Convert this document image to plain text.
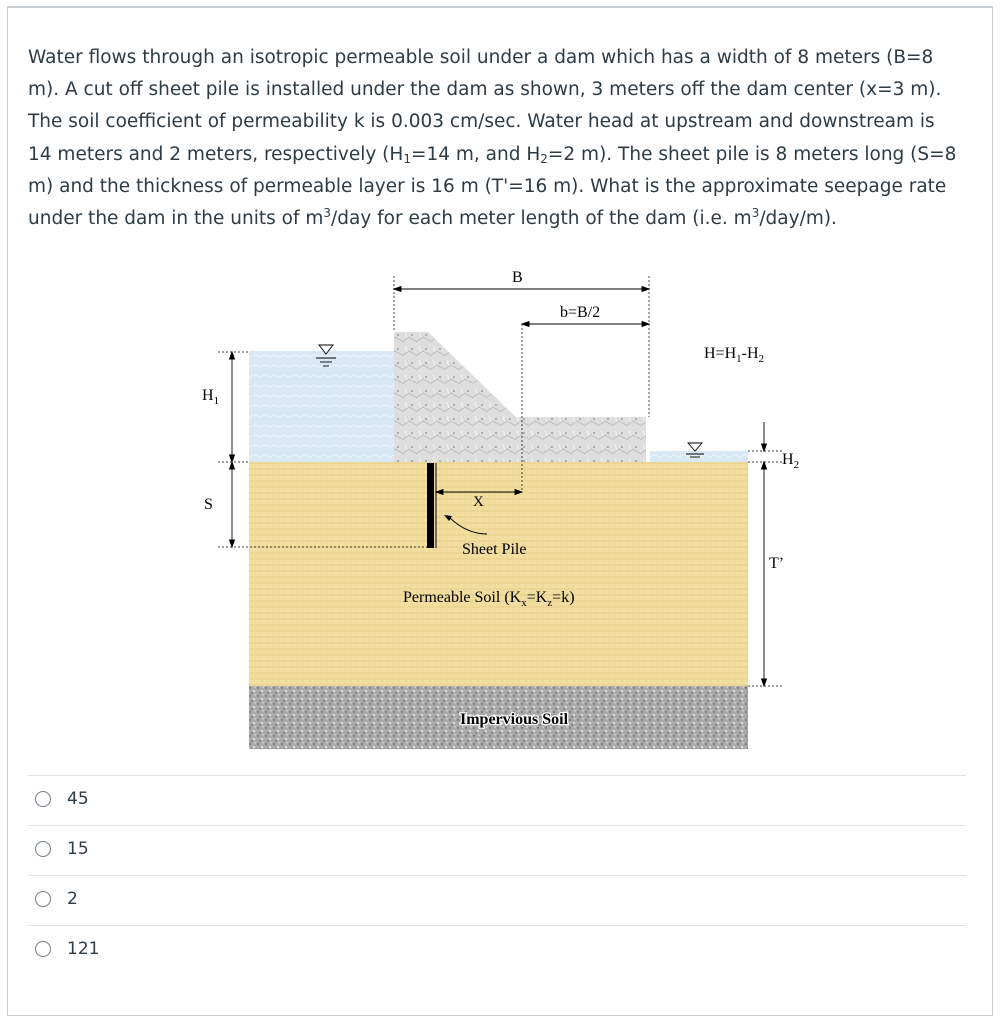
Water flows through an isotropic permeable soil under a dam which has a width of 8 meters (B=8 m). A cut off sheet pile is installed under the dam as shown, 3 meters off the dam center (x=3 m). The soil coefficient of permeability k is 0.003 cm/sec. Water head at upstream and downstream is 14 meters and 2 meters, respectively ($H_1=14$ m, and $H_2=2$ m). The sheet pile is 8 meters long (S=8 m) and the thickness of permeable layer is 16 m (T'=16 m). What is the approximate seepage rate under the dam in the units of $m^3$/day for each meter length of the dam (i.e. $m^3/day/m$).

B
b=B/2
$H=H_1-H_2$
$H_1$
S	X
$H_2$
Sheet Pile
Permeable Soil $(K_x=K_z=k)$
T’
Impervious Soil
45
15
2
121
